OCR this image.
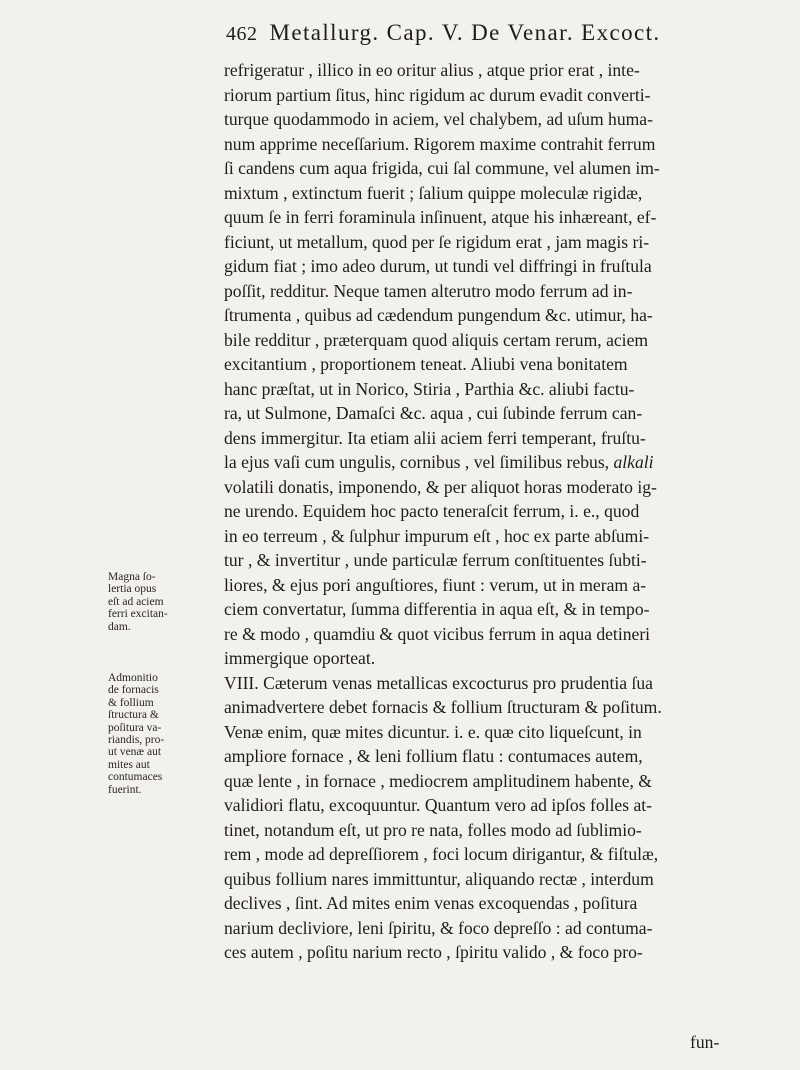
462 Metallurg. Cap. V. De Venar. Excoct.
refrigeratur , illico in eo oritur alius , atque prior erat , inte-
riorum partium ſitus, hinc rigidum ac durum evadit converti-
turque quodammodo in aciem, vel chalybem, ad uſum huma-
num apprime neceſſarium. Rigorem maxime contrahit ferrum
ſi candens cum aqua frigida, cui ſal commune, vel alumen im-
mixtum , extinctum fuerit ; ſalium quippe moleculæ rigidæ,
quum ſe in ferri foraminula inſinuent, atque his inhæreant, ef-
ficiunt, ut metallum, quod per ſe rigidum erat , jam magis ri-
gidum fiat ; imo adeo durum, ut tundi vel diffringi in fruſtula
poſſit, redditur. Neque tamen alterutro modo ferrum ad in-
ſtrumenta , quibus ad cædendum pungendum &c. utimur, ha-
bile redditur , præterquam quod aliquis certam rerum, aciem
excitantium , proportionem teneat. Aliubi vena bonitatem
hanc præſtat, ut in Norico, Stiria , Parthia &c. aliubi factu-
ra, ut Sulmone, Damaſci &c. aqua , cui ſubinde ferrum can-
dens immergitur. Ita etiam alii aciem ferri temperant, fruſtu-
la ejus vaſi cum ungulis, cornibus , vel ſimilibus rebus, alkali
volatili donatis, imponendo, & per aliquot horas moderato ig-
ne urendo. Equidem hoc pacto teneraſcit ferrum, i. e., quod
in eo terreum , & ſulphur impurum eſt , hoc ex parte abſumi-
tur , & invertitur , unde particulæ ferrum conſtituentes ſubti-
liores, & ejus pori anguſtiores, fiunt : verum, ut in meram a-
ciem convertatur, ſumma differentia in aqua eſt, & in tempo-
re & modo , quamdiu & quot vicibus ferrum in aqua detineri
immergique oporteat.
VIII. Cæterum venas metallicas excocturus pro prudentia ſua
animadvertere debet fornacis & follium ſtructuram & poſitum.
Venæ enim, quæ mites dicuntur. i. e. quæ cito liqueſcunt, in
ampliore fornace , & leni follium flatu : contumaces autem,
quæ lente , in fornace , mediocrem amplitudinem habente, &
validiori flatu, excoquuntur. Quantum vero ad ipſos folles at-
tinet, notandum eſt, ut pro re nata, folles modo ad ſublimio-
rem , mode ad depreſſiorem , foci locum dirigantur, & fiſtulæ,
quibus follium nares immittuntur, aliquando rectæ , interdum
declives , ſint. Ad mites enim venas excoquendas , poſitura
narium decliviore, leni ſpiritu, & foco depreſſo : ad contuma-
ces autem , poſitu narium recto , ſpiritu valido , & foco pro-
fun-
Magna ſo-
lertia opus
eſt ad aciem
ferri excitan-
dam.
Admonitio
de fornacis
& follium
ſtructura &
poſitura va-
riandis, pro-
ut venæ aut
mites aut
contumaces
fuerint.
